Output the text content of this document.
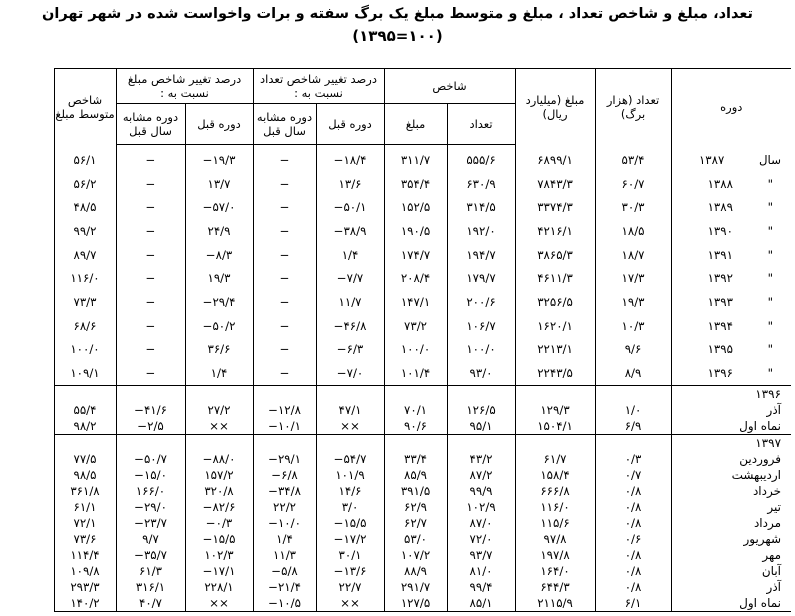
تعداد، مبلغ و شاخص تعداد ، مبلغ و متوسط مبلغ یک برگ سفته و برات واخواست شده در شهر تهران
(۱۰۰=۱۳۹۵)
دوره	تعداد (هزار برگ)	مبلغ (میلیارد ریال)	شاخص		درصد تغییر شاخص تعداد نسبت به :		درصد تغییر شاخص مبلغ نسبت به :		شاخص متوسط مبلغ
			تعداد	مبلغ	دوره قبل	دوره مشابه سال قبل	دوره قبل	دوره مشابه سال قبل	
سال۱۳۸۷	۵۳/۴	۶۸۹۹/۱	۵۵۵/۶	۳۱۱/۷	−۱۸/۴	−	−۱۹/۳	−	۵۶/۱
"۱۳۸۸	۶۰/۷	۷۸۴۳/۳	۶۳۰/۹	۳۵۴/۴	۱۳/۶	−	۱۳/۷	−	۵۶/۲
"۱۳۸۹	۳۰/۳	۳۳۷۴/۳	۳۱۴/۵	۱۵۲/۵	−۵۰/۱	−	−۵۷/۰	−	۴۸/۵
"۱۳۹۰	۱۸/۵	۴۲۱۶/۱	۱۹۲/۰	۱۹۰/۵	−۳۸/۹	−	۲۴/۹	−	۹۹/۲
"۱۳۹۱	۱۸/۷	۳۸۶۵/۳	۱۹۴/۷	۱۷۴/۷	۱/۴	−	−۸/۳	−	۸۹/۷
"۱۳۹۲	۱۷/۳	۴۶۱۱/۳	۱۷۹/۷	۲۰۸/۴	−۷/۷	−	۱۹/۳	−	۱۱۶/۰
"۱۳۹۳	۱۹/۳	۳۲۵۶/۵	۲۰۰/۶	۱۴۷/۱	۱۱/۷	−	−۲۹/۴	−	۷۳/۳
"۱۳۹۴	۱۰/۳	۱۶۲۰/۱	۱۰۶/۷	۷۳/۲	−۴۶/۸	−	−۵۰/۲	−	۶۸/۶
"۱۳۹۵	۹/۶	۲۲۱۳/۱	۱۰۰/۰	۱۰۰/۰	−۶/۳	−	۳۶/۶	−	۱۰۰/۰
"۱۳۹۶	۸/۹	۲۲۴۳/۵	۹۳/۰	۱۰۱/۴	−۷/۰	−	۱/۴	−	۱۰۹/۱
۱۳۹۶									
آذر	۱/۰	۱۲۹/۳	۱۲۶/۵	۷۰/۱	۴۷/۱	−۱۲/۸	۲۷/۲	−۴۱/۶	۵۵/۴
نماه اول	۶/۹	۱۵۰۴/۱	۹۵/۱	۹۰/۶	××	−۱۰/۱	××	−۲/۵	۹۸/۲
۱۳۹۷									
فروردین	۰/۳	۶۱/۷	۴۳/۲	۳۳/۴	−۵۴/۷	−۲۹/۱	−۸۸/۰	−۵۰/۷	۷۷/۵
اردیبهشت	۰/۷	۱۵۸/۴	۸۷/۲	۸۵/۹	۱۰۱/۹	−۶/۸	۱۵۷/۲	−۱۵/۰	۹۸/۵
خرداد	۰/۸	۶۶۶/۸	۹۹/۹	۳۹۱/۵	۱۴/۶	−۳۴/۸	۳۲۰/۸	۱۶۶/۰	۳۶۱/۸
تیر	۰/۸	۱۱۶/۰	۱۰۲/۹	۶۲/۹	۳/۰	۲۲/۲	−۸۲/۶	−۲۹/۰	۶۱/۱
مرداد	۰/۸	۱۱۵/۶	۸۷/۰	۶۲/۷	−۱۵/۵	−۱۰/۰	−۰/۳	−۲۳/۷	۷۲/۱
شهریور	۰/۶	۹۷/۸	۷۲/۰	۵۳/۰	−۱۷/۲	۱/۴	−۱۵/۵	۹/۷	۷۳/۶
مهر	۰/۸	۱۹۷/۸	۹۳/۷	۱۰۷/۲	۳۰/۱	۱۱/۳	۱۰۲/۳	−۳۵/۷	۱۱۴/۴
آبان	۰/۸	۱۶۴/۰	۸۱/۰	۸۸/۹	−۱۳/۶	−۵/۸	−۱۷/۱	۶۱/۳	۱۰۹/۸
آذر	۰/۸	۶۴۴/۳	۹۹/۴	۲۹۱/۷	۲۲/۷	−۲۱/۴	۲۲۸/۱	۳۱۶/۱	۲۹۳/۳
نماه اول	۶/۱	۲۱۱۵/۹	۸۵/۱	۱۲۷/۵	××	−۱۰/۵	××	۴۰/۷	۱۴۰/۲
